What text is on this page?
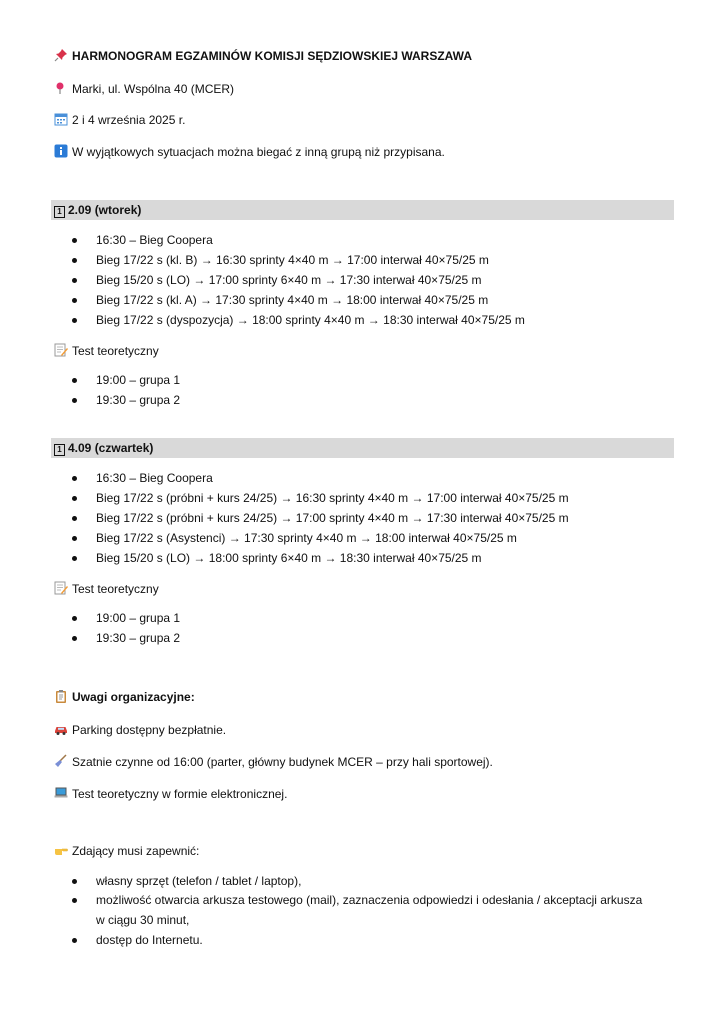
HARMONOGRAM EGZAMINÓW KOMISJI SĘDZIOWSKIEJ WARSZAWA
Marki, ul. Wspólna 40 (MCER)
2 i 4 września 2025 r.
W wyjątkowych sytuacjach można biegać z inną grupą niż przypisana.
1 2.09 (wtorek)
16:30 – Bieg Coopera
Bieg 17/22 s (kl. B) → 16:30 sprinty 4×40 m → 17:00 interwał 40×75/25 m
Bieg 15/20 s (LO) → 17:00 sprinty 6×40 m → 17:30 interwał 40×75/25 m
Bieg 17/22 s (kl. A) → 17:30 sprinty 4×40 m → 18:00 interwał 40×75/25 m
Bieg 17/22 s (dyspozycja) → 18:00 sprinty 4×40 m → 18:30 interwał 40×75/25 m
Test teoretyczny
19:00 – grupa 1
19:30 – grupa 2
1 4.09 (czwartek)
16:30 – Bieg Coopera
Bieg 17/22 s (próbni + kurs 24/25) → 16:30 sprinty 4×40 m → 17:00 interwał 40×75/25 m
Bieg 17/22 s (próbni + kurs 24/25) → 17:00 sprinty 4×40 m → 17:30 interwał 40×75/25 m
Bieg 17/22 s (Asystenci) → 17:30 sprinty 4×40 m → 18:00 interwał 40×75/25 m
Bieg 15/20 s (LO) → 18:00 sprinty 6×40 m → 18:30 interwał 40×75/25 m
Test teoretyczny
19:00 – grupa 1
19:30 – grupa 2
Uwagi organizacyjne:
Parking dostępny bezpłatnie.
Szatnie czynne od 16:00 (parter, główny budynek MCER – przy hali sportowej).
Test teoretyczny w formie elektronicznej.
Zdający musi zapewnić:
własny sprzęt (telefon / tablet / laptop),
możliwość otwarcia arkusza testowego (mail), zaznaczenia odpowiedzi i odesłania / akceptacji arkusza w ciągu 30 minut,
dostęp do Internetu.
